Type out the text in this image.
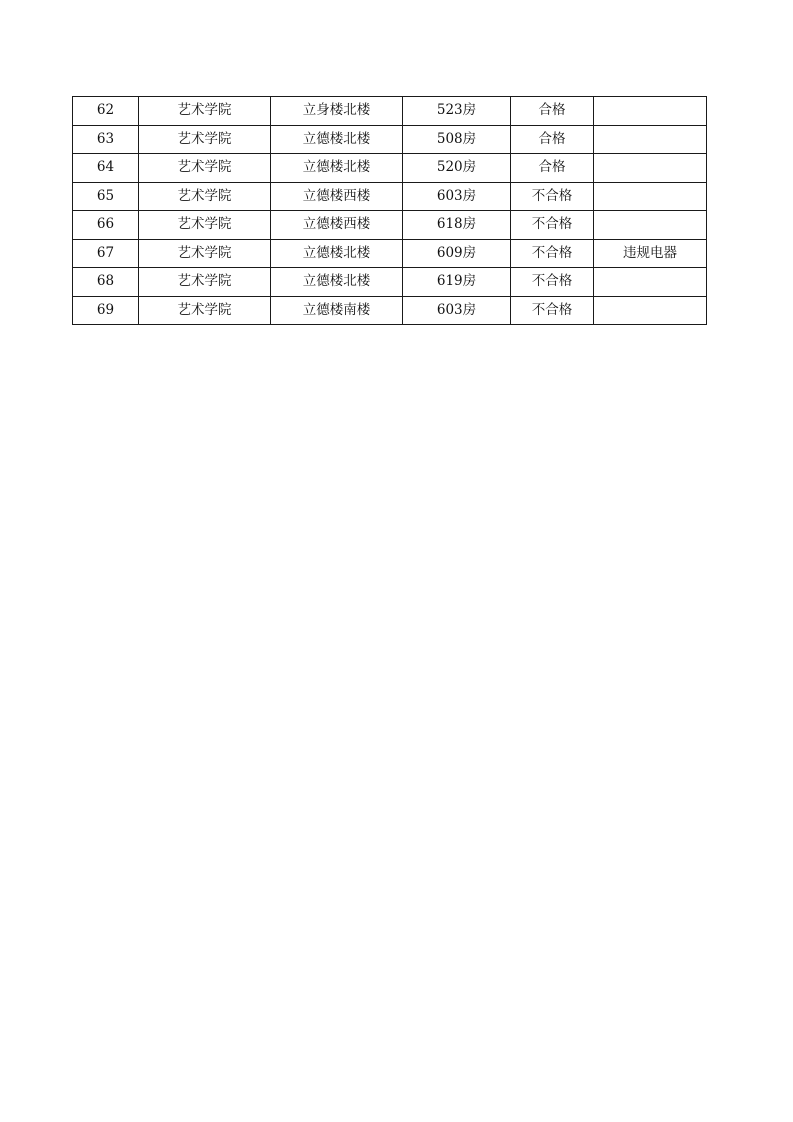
62	艺术学院	立身楼北楼	523房	合格	
63	艺术学院	立德楼北楼	508房	合格	
64	艺术学院	立德楼北楼	520房	合格	
65	艺术学院	立德楼西楼	603房	不合格	
66	艺术学院	立德楼西楼	618房	不合格	
67	艺术学院	立德楼北楼	609房	不合格	违规电器
68	艺术学院	立德楼北楼	619房	不合格	
69	艺术学院	立德楼南楼	603房	不合格	
